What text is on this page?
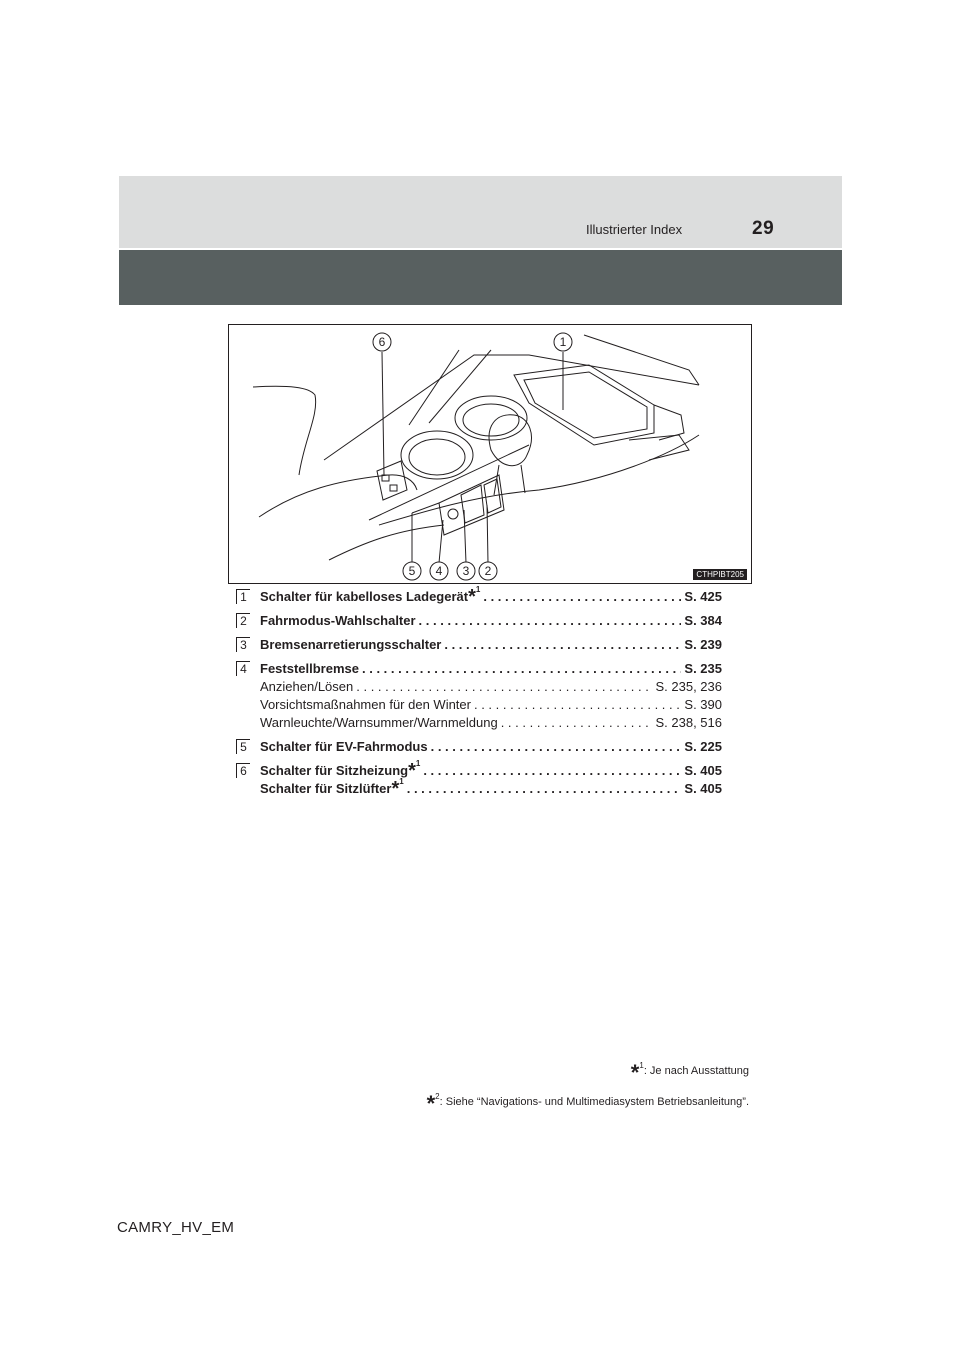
Illustrierter Index	29
6	1
5 4 3 2	CTHPIBT205
1 Schalter für kabelloses Ladegerät$^{*1}$ . . .	S. 425
2 Fahrmodus-Wahlschalter . . .	S. 384
3 Bremsenarretierungsschalter . . .	S. 239
4 Feststellbremse . . .	S. 235
Anziehen/Lösen . . .	S. 235, 236
Vorsichtsmaßnahmen für den Winter . . .	S. 390
Warnleuchte/Warnsummer/Warnmeldung . . .	S. 238, 516
5 Schalter für EV-Fahrmodus . . .	S. 225
6 Schalter für Sitzheizung$^{*1}$ . . .	S. 405
Schalter für Sitzlüfter$^{*1}$ . . .	S. 405
*$^1$: Je nach Ausstattung
*$^2$: Siehe “Navigations- und Multimediasystem Betriebsanleitung”.
CAMRY_HV_EM
